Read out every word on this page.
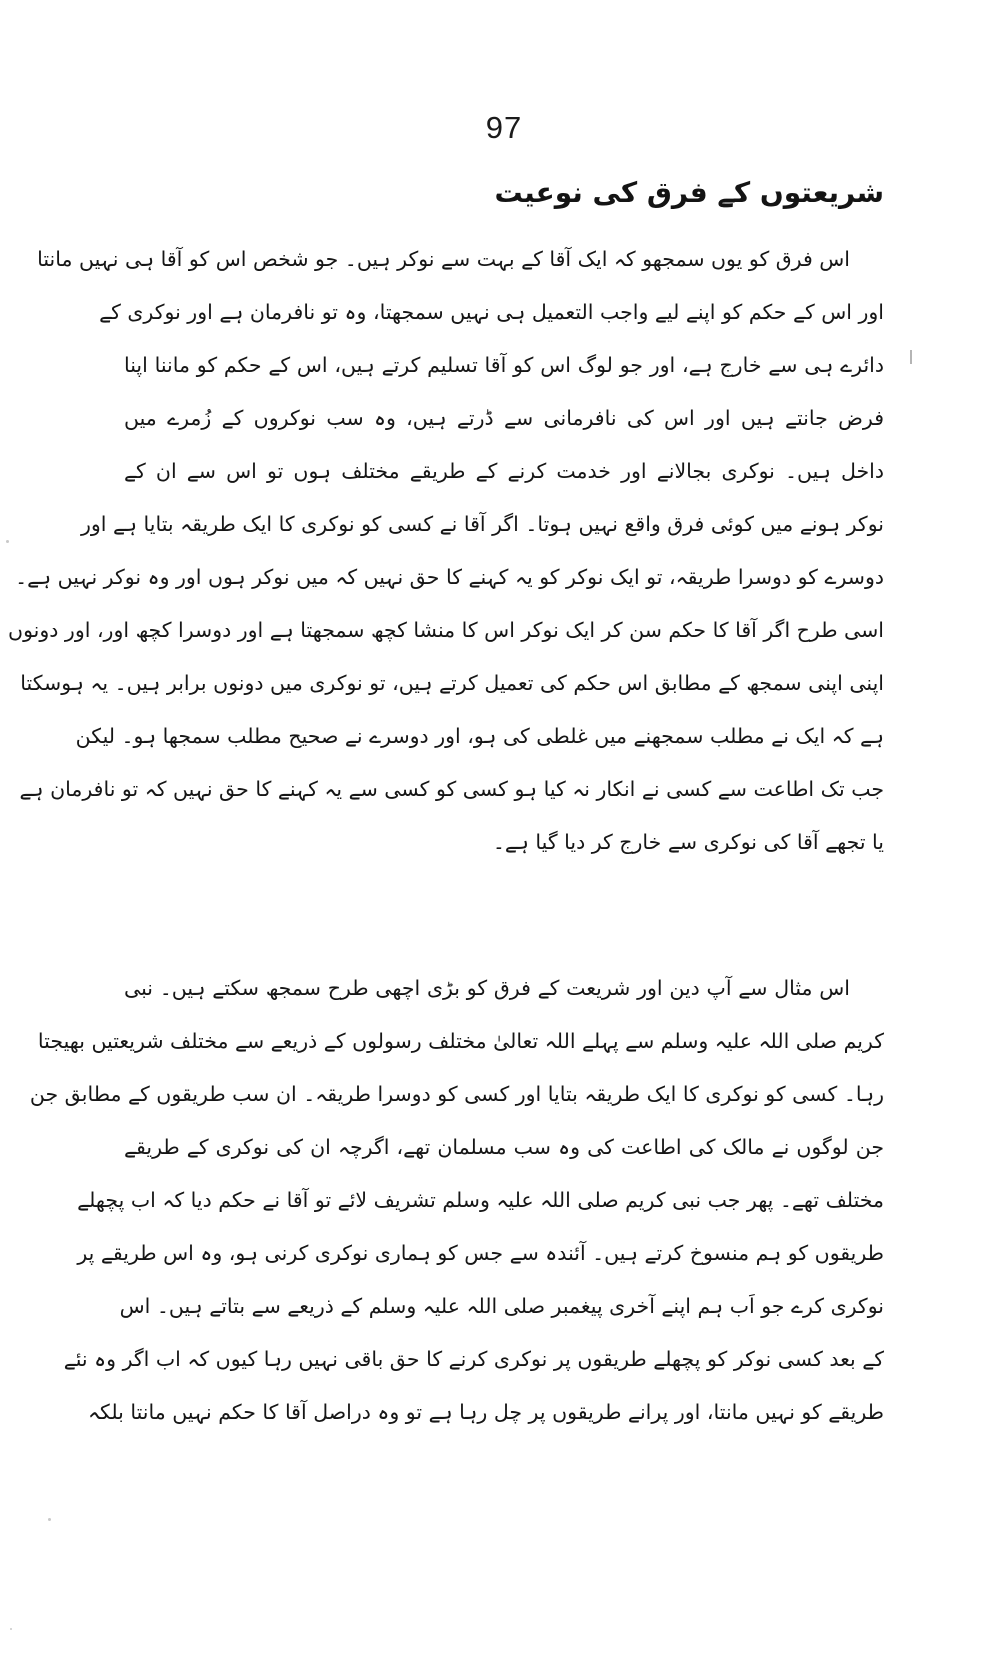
97
شریعتوں کے فرق کی نوعیت
اس فرق کو یوں سمجھو کہ ایک آقا کے بہت سے نوکر ہیں۔ جو شخص اس کو آقا ہی نہیں مانتا
اور اس کے حکم کو اپنے لیے واجب التعمیل ہی نہیں سمجھتا، وہ تو نافرمان ہے اور نوکری کے
دائرے ہی سے خارج ہے، اور جو لوگ اس کو آقا تسلیم کرتے ہیں، اس کے حکم کو ماننا اپنا
فرض جانتے ہیں اور اس کی نافرمانی سے ڈرتے ہیں، وہ سب نوکروں کے زُمرے میں
داخل ہیں۔ نوکری بجالانے اور خدمت کرنے کے طریقے مختلف ہوں تو اس سے ان کے
نوکر ہونے میں کوئی فرق واقع نہیں ہوتا۔ اگر آقا نے کسی کو نوکری کا ایک طریقہ بتایا ہے اور
دوسرے کو دوسرا طریقہ، تو ایک نوکر کو یہ کہنے کا حق نہیں کہ میں نوکر ہوں اور وہ نوکر نہیں ہے۔
اسی طرح اگر آقا کا حکم سن کر ایک نوکر اس کا منشا کچھ سمجھتا ہے اور دوسرا کچھ اور، اور دونوں
اپنی اپنی سمجھ کے مطابق اس حکم کی تعمیل کرتے ہیں، تو نوکری میں دونوں برابر ہیں۔ یہ ہوسکتا
ہے کہ ایک نے مطلب سمجھنے میں غلطی کی ہو، اور دوسرے نے صحیح مطلب سمجھا ہو۔ لیکن
جب تک اطاعت سے کسی نے انکار نہ کیا ہو کسی کو کسی سے یہ کہنے کا حق نہیں کہ تو نافرمان ہے
یا تجھے آقا کی نوکری سے خارج کر دیا گیا ہے۔
اس مثال سے آپ دین اور شریعت کے فرق کو بڑی اچھی طرح سمجھ سکتے ہیں۔ نبی
کریم صلی اللہ علیہ وسلم سے پہلے اللہ تعالیٰ مختلف رسولوں کے ذریعے سے مختلف شریعتیں بھیجتا
رہا۔ کسی کو نوکری کا ایک طریقہ بتایا اور کسی کو دوسرا طریقہ۔ ان سب طریقوں کے مطابق جن
جن لوگوں نے مالک کی اطاعت کی وہ سب مسلمان تھے، اگرچہ ان کی نوکری کے طریقے
مختلف تھے۔ پھر جب نبی کریم صلی اللہ علیہ وسلم تشریف لائے تو آقا نے حکم دیا کہ اب پچھلے
طریقوں کو ہم منسوخ کرتے ہیں۔ آئندہ سے جس کو ہماری نوکری کرنی ہو، وہ اس طریقے پر
نوکری کرے جو اَب ہم اپنے آخری پیغمبر صلی اللہ علیہ وسلم کے ذریعے سے بتاتے ہیں۔ اس
کے بعد کسی نوکر کو پچھلے طریقوں پر نوکری کرنے کا حق باقی نہیں رہا کیوں کہ اب اگر وہ نئے
طریقے کو نہیں مانتا، اور پرانے طریقوں پر چل رہا ہے تو وہ دراصل آقا کا حکم نہیں مانتا بلکہ
